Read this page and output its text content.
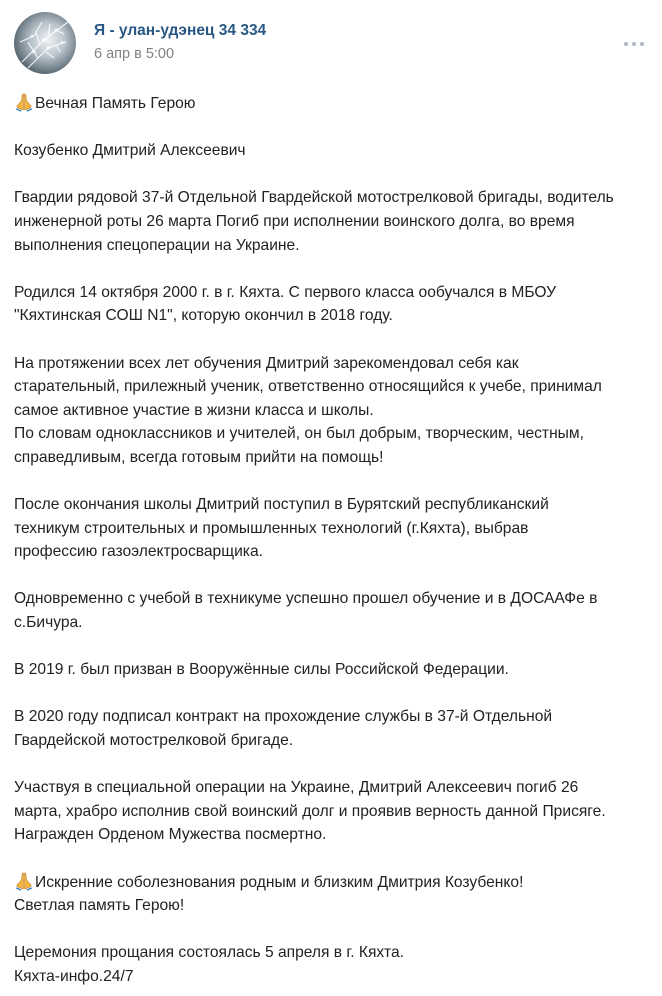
Я - улан-удэнец 34 334
6 апр в 5:00

Вечная Память Герою

Козубенко Дмитрий Алексеевич

Гвардии рядовой 37-й Отдельной Гвардейской мотострелковой бригады, водитель
инженерной роты 26 марта Погиб при исполнении воинского долга, во время
выполнения спецоперации на Украине.

Родился 14 октября 2000 г. в г. Кяхта. С первого класса ообучался в МБОУ
"Кяхтинская СОШ N1", которую окончил в 2018 году.

На протяжении всех лет обучения Дмитрий зарекомендовал себя как
старательный, прилежный ученик, ответственно относящийся к учебе, принимал
самое активное участие в жизни класса и школы.
По словам одноклассников и учителей, он был добрым, творческим, честным,
справедливым, всегда готовым прийти на помощь!

После окончания школы Дмитрий поступил в Бурятский республиканский
техникум строительных и промышленных технологий (г.Кяхта), выбрав
профессию газоэлектросварщика.

Одновременно с учебой в техникуме успешно прошел обучение и в ДОСААФе в
с.Бичура.

В 2019 г. был призван в Вооружённые силы Российской Федерации.

В 2020 году подписал контракт на прохождение службы в 37-й Отдельной
Гвардейской мотострелковой бригаде.

Участвуя в специальной операции на Украине, Дмитрий Алексеевич погиб 26
марта, храбро исполнив свой воинский долг и проявив верность данной Присяге.
Награжден Орденом Мужества посмертно.

Искренние соболезнования родным и близким Дмитрия Козубенко!
Светлая память Герою!

Церемония прощания состоялась 5 апреля в г. Кяхта.
Кяхта-инфо.24/7
